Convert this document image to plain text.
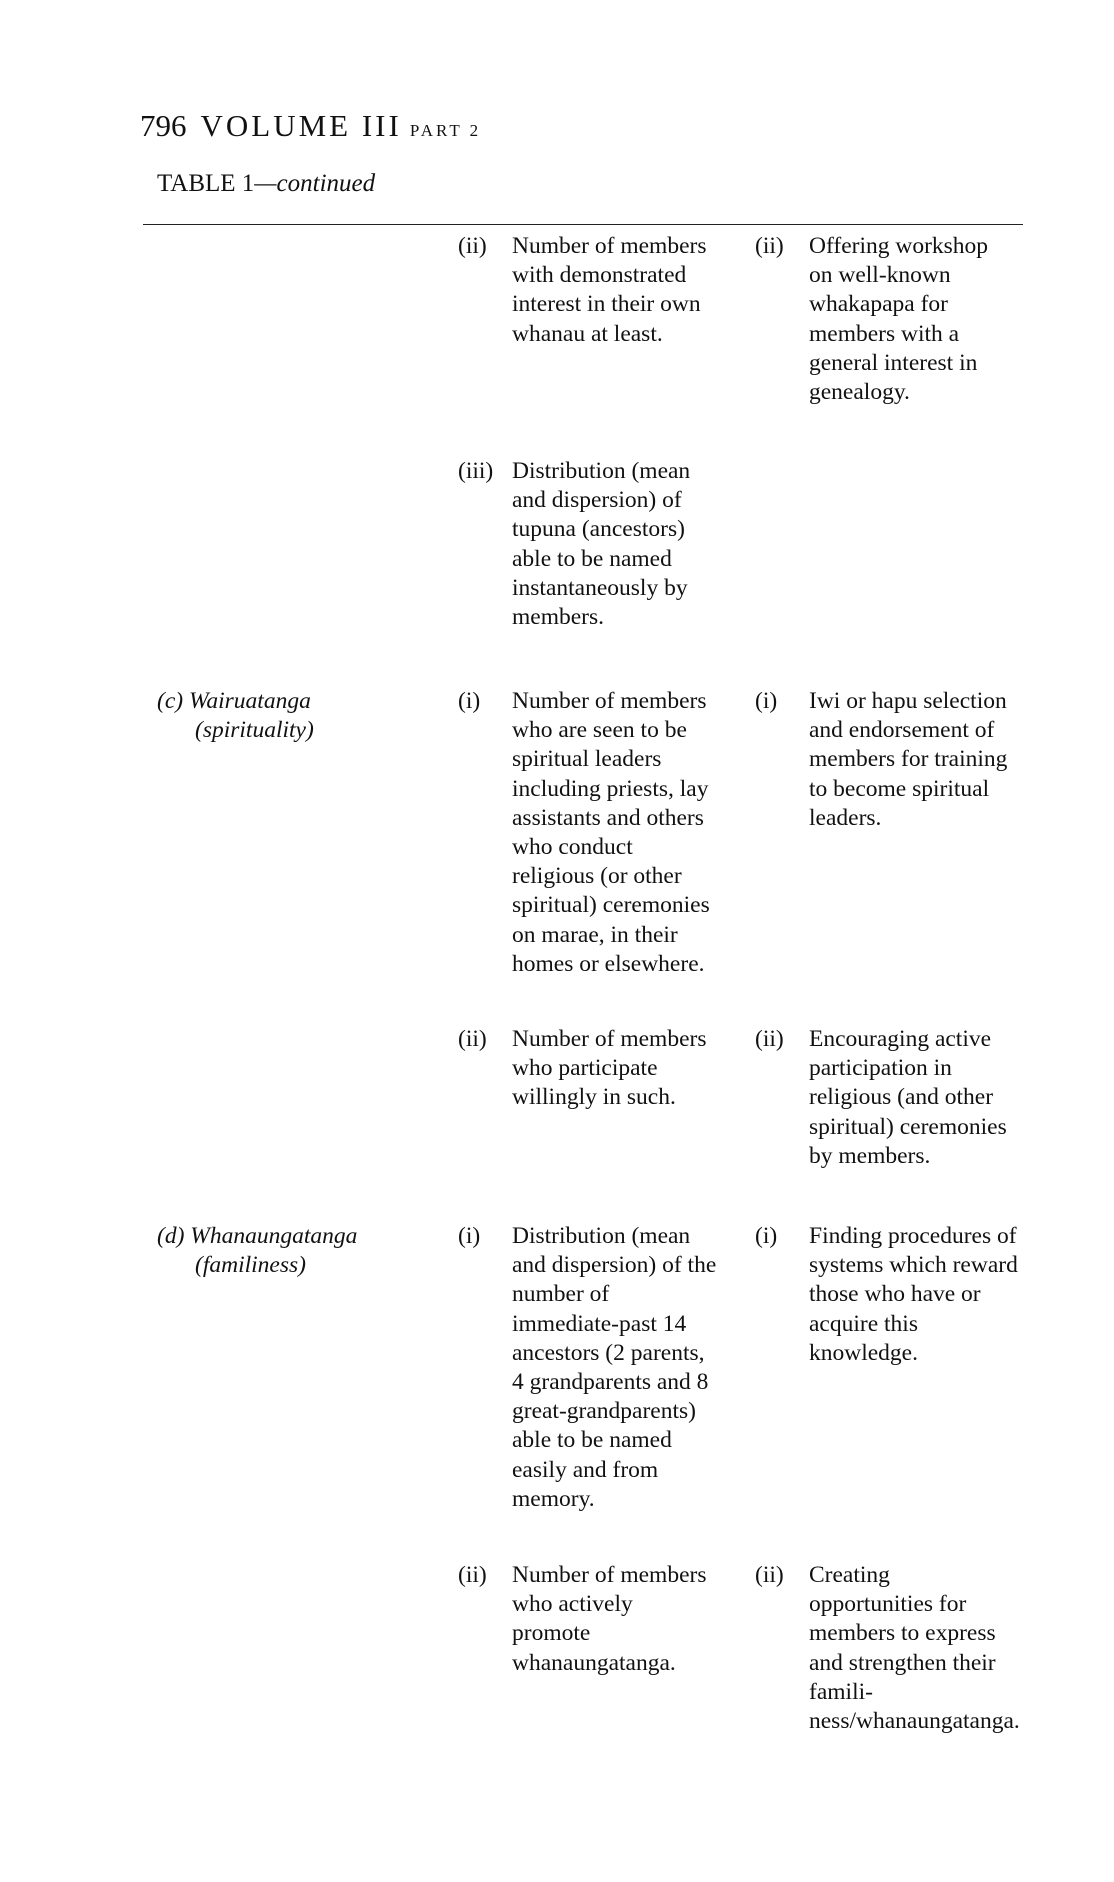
796 VOLUME III PART 2
TABLE 1—continued
(ii) Number of members
with demonstrated
interest in their own
whanau at least.
(ii) Offering workshop
on well-known
whakapapa for
members with a
general interest in
genealogy.
(iii) Distribution (mean
and dispersion) of
tupuna (ancestors)
able to be named
instantaneously by
members.
(c) Wairuatanga
(spirituality)
(i) Number of members
who are seen to be
spiritual leaders
including priests, lay
assistants and others
who conduct
religious (or other
spiritual) ceremonies
on marae, in their
homes or elsewhere.
(i) Iwi or hapu selection
and endorsement of
members for training
to become spiritual
leaders.
(ii) Number of members
who participate
willingly in such.
(ii) Encouraging active
participation in
religious (and other
spiritual) ceremonies
by members.
(d) Whanaungatanga
(familiness)
(i) Distribution (mean
and dispersion) of the
number of
immediate-past 14
ancestors (2 parents,
4 grandparents and 8
great-grandparents)
able to be named
easily and from
memory.
(i) Finding procedures of
systems which reward
those who have or
acquire this
knowledge.
(ii) Number of members
who actively
promote
whanaungatanga.
(ii) Creating
opportunities for
members to express
and strengthen their
famili-
ness/whanaungatanga.
